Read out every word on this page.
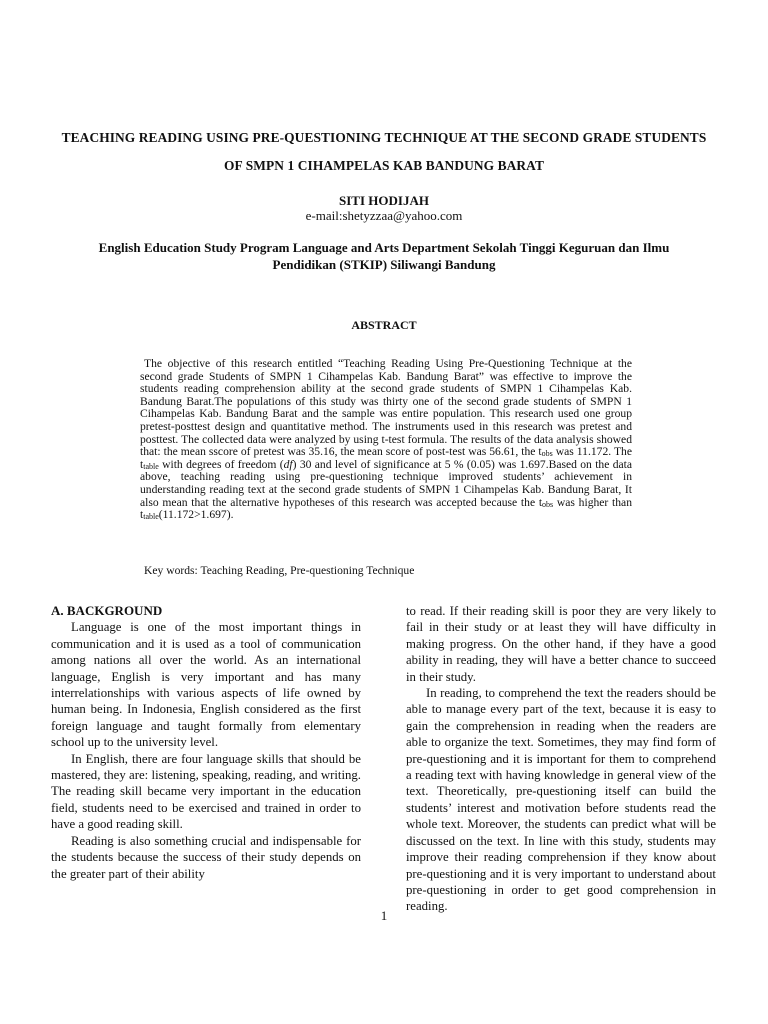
TEACHING READING USING PRE-QUESTIONING TECHNIQUE AT THE SECOND GRADE STUDENTS OF SMPN 1 CIHAMPELAS KAB BANDUNG BARAT
SITI HODIJAH
e-mail:shetyzzaa@yahoo.com
English Education Study Program Language and Arts Department Sekolah Tinggi Keguruan dan Ilmu Pendidikan (STKIP) Siliwangi Bandung
ABSTRACT
The objective of this research entitled “Teaching Reading Using Pre-Questioning Technique at the second grade Students of SMPN 1 Cihampelas Kab. Bandung Barat” was effective to improve the students reading comprehension ability at the second grade students of SMPN 1 Cihampelas Kab. Bandung Barat.The populations of this study was thirty one of the second grade students of SMPN 1 Cihampelas Kab. Bandung Barat and the sample was entire population. This research used one group pretest-posttest design and quantitative method. The instruments used in this research was pretest and posttest. The collected data were analyzed by using t-test formula. The results of the data analysis showed that: the mean sscore of pretest was 35.16, the mean score of post-test was 56.61, the $t_{obs}$ was 11.172. The $t_{table}$ with degrees of freedom (df) 30 and level of significance at 5 % (0.05) was 1.697.Based on the data above, teaching reading using pre-questioning technique improved students’ achievement in understanding reading text at the second grade students of SMPN 1 Cihampelas Kab. Bandung Barat, It also mean that the alternative hypotheses of this research was accepted because the $t_{obs}$ was higher than $t_{table}(11.172>1.697)$.
Key words: Teaching Reading, Pre-questioning Technique

A. BACKGROUND

Language is one of the most important things in communication and it is used as a tool of communication among nations all over the world. As an international language, English is very important and has many interrelationships with various aspects of life owned by human being. In Indonesia, English considered as the first foreign language and taught formally from elementary school up to the university level.

In English, there are four language skills that should be mastered, they are: listening, speaking, reading, and writing. The reading skill became very important in the education field, students need to be exercised and trained in order to have a good reading skill.

Reading is also something crucial and indispensable for the students because the success of their study depends on the greater part of their ability

to read. If their reading skill is poor they are very likely to fail in their study or at least they will have difficulty in making progress. On the other hand, if they have a good ability in reading, they will have a better chance to succeed in their study.

In reading, to comprehend the text the readers should be able to manage every part of the text, because it is easy to gain the comprehension in reading when the readers are able to organize the text. Sometimes, they may find form of pre-questioning and it is important for them to comprehend a reading text with having knowledge in general view of the text. Theoretically, pre-questioning itself can build the students’ interest and motivation before students read the whole text. Moreover, the students can predict what will be discussed on the text. In line with this study, students may improve their reading comprehension if they know about pre-questioning and it is very important to understand about pre-questioning in order to get good comprehension in reading.

1
